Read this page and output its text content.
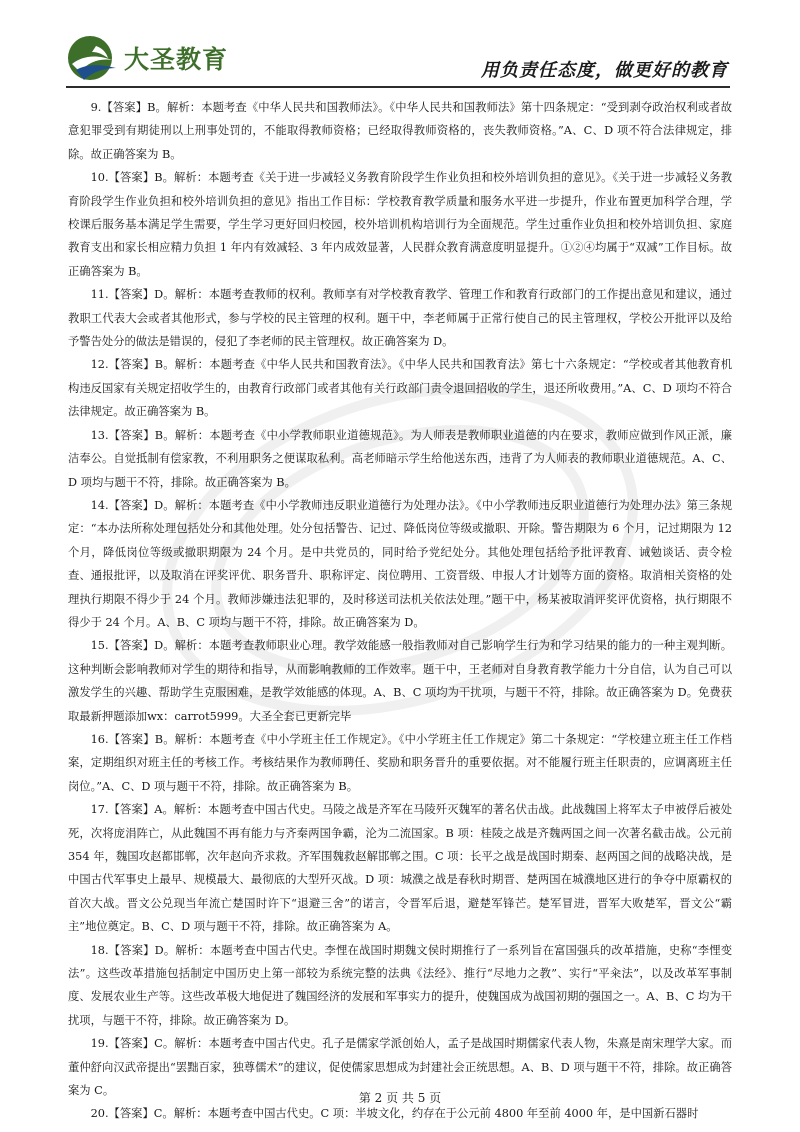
大圣教育	用负责任态度，做更好的教育

9.【答案】B。解析：本题考查《中华人民共和国教师法》。《中华人民共和国教师法》第十四条规定：“受到剥夺政治权利或者故意犯罪受到有期徒刑以上刑事处罚的，不能取得教师资格；已经取得教师资格的，丧失教师资格。”A、C、D 项不符合法律规定，排除。故正确答案为 B。

10.【答案】B。解析：本题考查《关于进一步减轻义务教育阶段学生作业负担和校外培训负担的意见》。《关于进一步减轻义务教育阶段学生作业负担和校外培训负担的意见》指出工作目标：学校教育教学质量和服务水平进一步提升，作业布置更加科学合理，学校课后服务基本满足学生需要，学生学习更好回归校园，校外培训机构培训行为全面规范。学生过重作业负担和校外培训负担、家庭教育支出和家长相应精力负担 1 年内有效减轻、3 年内成效显著，人民群众教育满意度明显提升。①②④均属于“双减”工作目标。故正确答案为 B。

11.【答案】D。解析：本题考查教师的权利。教师享有对学校教育教学、管理工作和教育行政部门的工作提出意见和建议，通过教职工代表大会或者其他形式，参与学校的民主管理的权利。题干中，李老师属于正常行使自己的民主管理权，学校公开批评以及给予警告处分的做法是错误的，侵犯了李老师的民主管理权。故正确答案为 D。

12.【答案】B。解析：本题考查《中华人民共和国教育法》。《中华人民共和国教育法》第七十六条规定：“学校或者其他教育机构违反国家有关规定招收学生的，由教育行政部门或者其他有关行政部门责令退回招收的学生，退还所收费用。”A、C、D 项均不符合法律规定。故正确答案为 B。

13.【答案】B。解析：本题考查《中小学教师职业道德规范》。为人师表是教师职业道德的内在要求，教师应做到作风正派，廉洁奉公。自觉抵制有偿家教，不利用职务之便谋取私利。高老师暗示学生给他送东西，违背了为人师表的教师职业道德规范。A、C、D 项均与题干不符，排除。故正确答案为 B。

14.【答案】D。解析：本题考查《中小学教师违反职业道德行为处理办法》。《中小学教师违反职业道德行为处理办法》第三条规定：“本办法所称处理包括处分和其他处理。处分包括警告、记过、降低岗位等级或撤职、开除。警告期限为 6 个月，记过期限为 12 个月，降低岗位等级或撤职期限为 24 个月。是中共党员的，同时给予党纪处分。其他处理包括给予批评教育、诫勉谈话、责令检查、通报批评，以及取消在评奖评优、职务晋升、职称评定、岗位聘用、工资晋级、申报人才计划等方面的资格。取消相关资格的处理执行期限不得少于 24 个月。教师涉嫌违法犯罪的，及时移送司法机关依法处理。”题干中，杨某被取消评奖评优资格，执行期限不得少于 24 个月。A、B、C 项均与题干不符，排除。故正确答案为 D。

15.【答案】D。解析：本题考查教师职业心理。教学效能感一般指教师对自己影响学生行为和学习结果的能力的一种主观判断。这种判断会影响教师对学生的期待和指导，从而影响教师的工作效率。题干中，王老师对自身教育教学能力十分自信，认为自己可以激发学生的兴趣、帮助学生克服困难，是教学效能感的体现。A、B、C 项均为干扰项，与题干不符，排除。故正确答案为 D。免费获取最新押题添加wx：carrot5999。大圣全套已更新完毕

16.【答案】B。解析：本题考查《中小学班主任工作规定》。《中小学班主任工作规定》第二十条规定：“学校建立班主任工作档案，定期组织对班主任的考核工作。考核结果作为教师聘任、奖励和职务晋升的重要依据。对不能履行班主任职责的，应调离班主任岗位。”A、C、D 项与题干不符，排除。故正确答案为 B。

17.【答案】A。解析：本题考查中国古代史。马陵之战是齐军在马陵歼灭魏军的著名伏击战。此战魏国上将军太子申被俘后被处死，次将庞涓阵亡，从此魏国不再有能力与齐秦两国争霸，沦为二流国家。B 项：桂陵之战是齐魏两国之间一次著名截击战。公元前 354 年，魏国攻赵都邯郸，次年赵向齐求救。齐军围魏救赵解邯郸之围。C 项：长平之战是战国时期秦、赵两国之间的战略决战，是中国古代军事史上最早、规模最大、最彻底的大型歼灭战。D 项：城濮之战是春秋时期晋、楚两国在城濮地区进行的争夺中原霸权的首次大战。晋文公兑现当年流亡楚国时许下“退避三舍”的诺言，令晋军后退，避楚军锋芒。楚军冒进，晋军大败楚军，晋文公“霸主”地位奠定。B、C、D 项与题干不符，排除。故正确答案为 A。

18.【答案】D。解析：本题考查中国古代史。李悝在战国时期魏文侯时期推行了一系列旨在富国强兵的改革措施，史称“李悝变法”。这些改革措施包括制定中国历史上第一部较为系统完整的法典《法经》、推行“尽地力之教”、实行“平籴法”，以及改革军事制度、发展农业生产等。这些改革极大地促进了魏国经济的发展和军事实力的提升，使魏国成为战国初期的强国之一。A、B、C 均为干扰项，与题干不符，排除。故正确答案为 D。

19.【答案】C。解析：本题考查中国古代史。孔子是儒家学派创始人，孟子是战国时期儒家代表人物，朱熹是南宋理学大家。而董仲舒向汉武帝提出“罢黜百家，独尊儒术”的建议，促使儒家思想成为封建社会正统思想。A、B、D 项与题干不符，排除。故正确答案为 C。

20.【答案】C。解析：本题考查中国古代史。C 项：半坡文化，约存在于公元前 4800 年至前 4000 年，是中国新石器时

第 2 页 共 5 页
